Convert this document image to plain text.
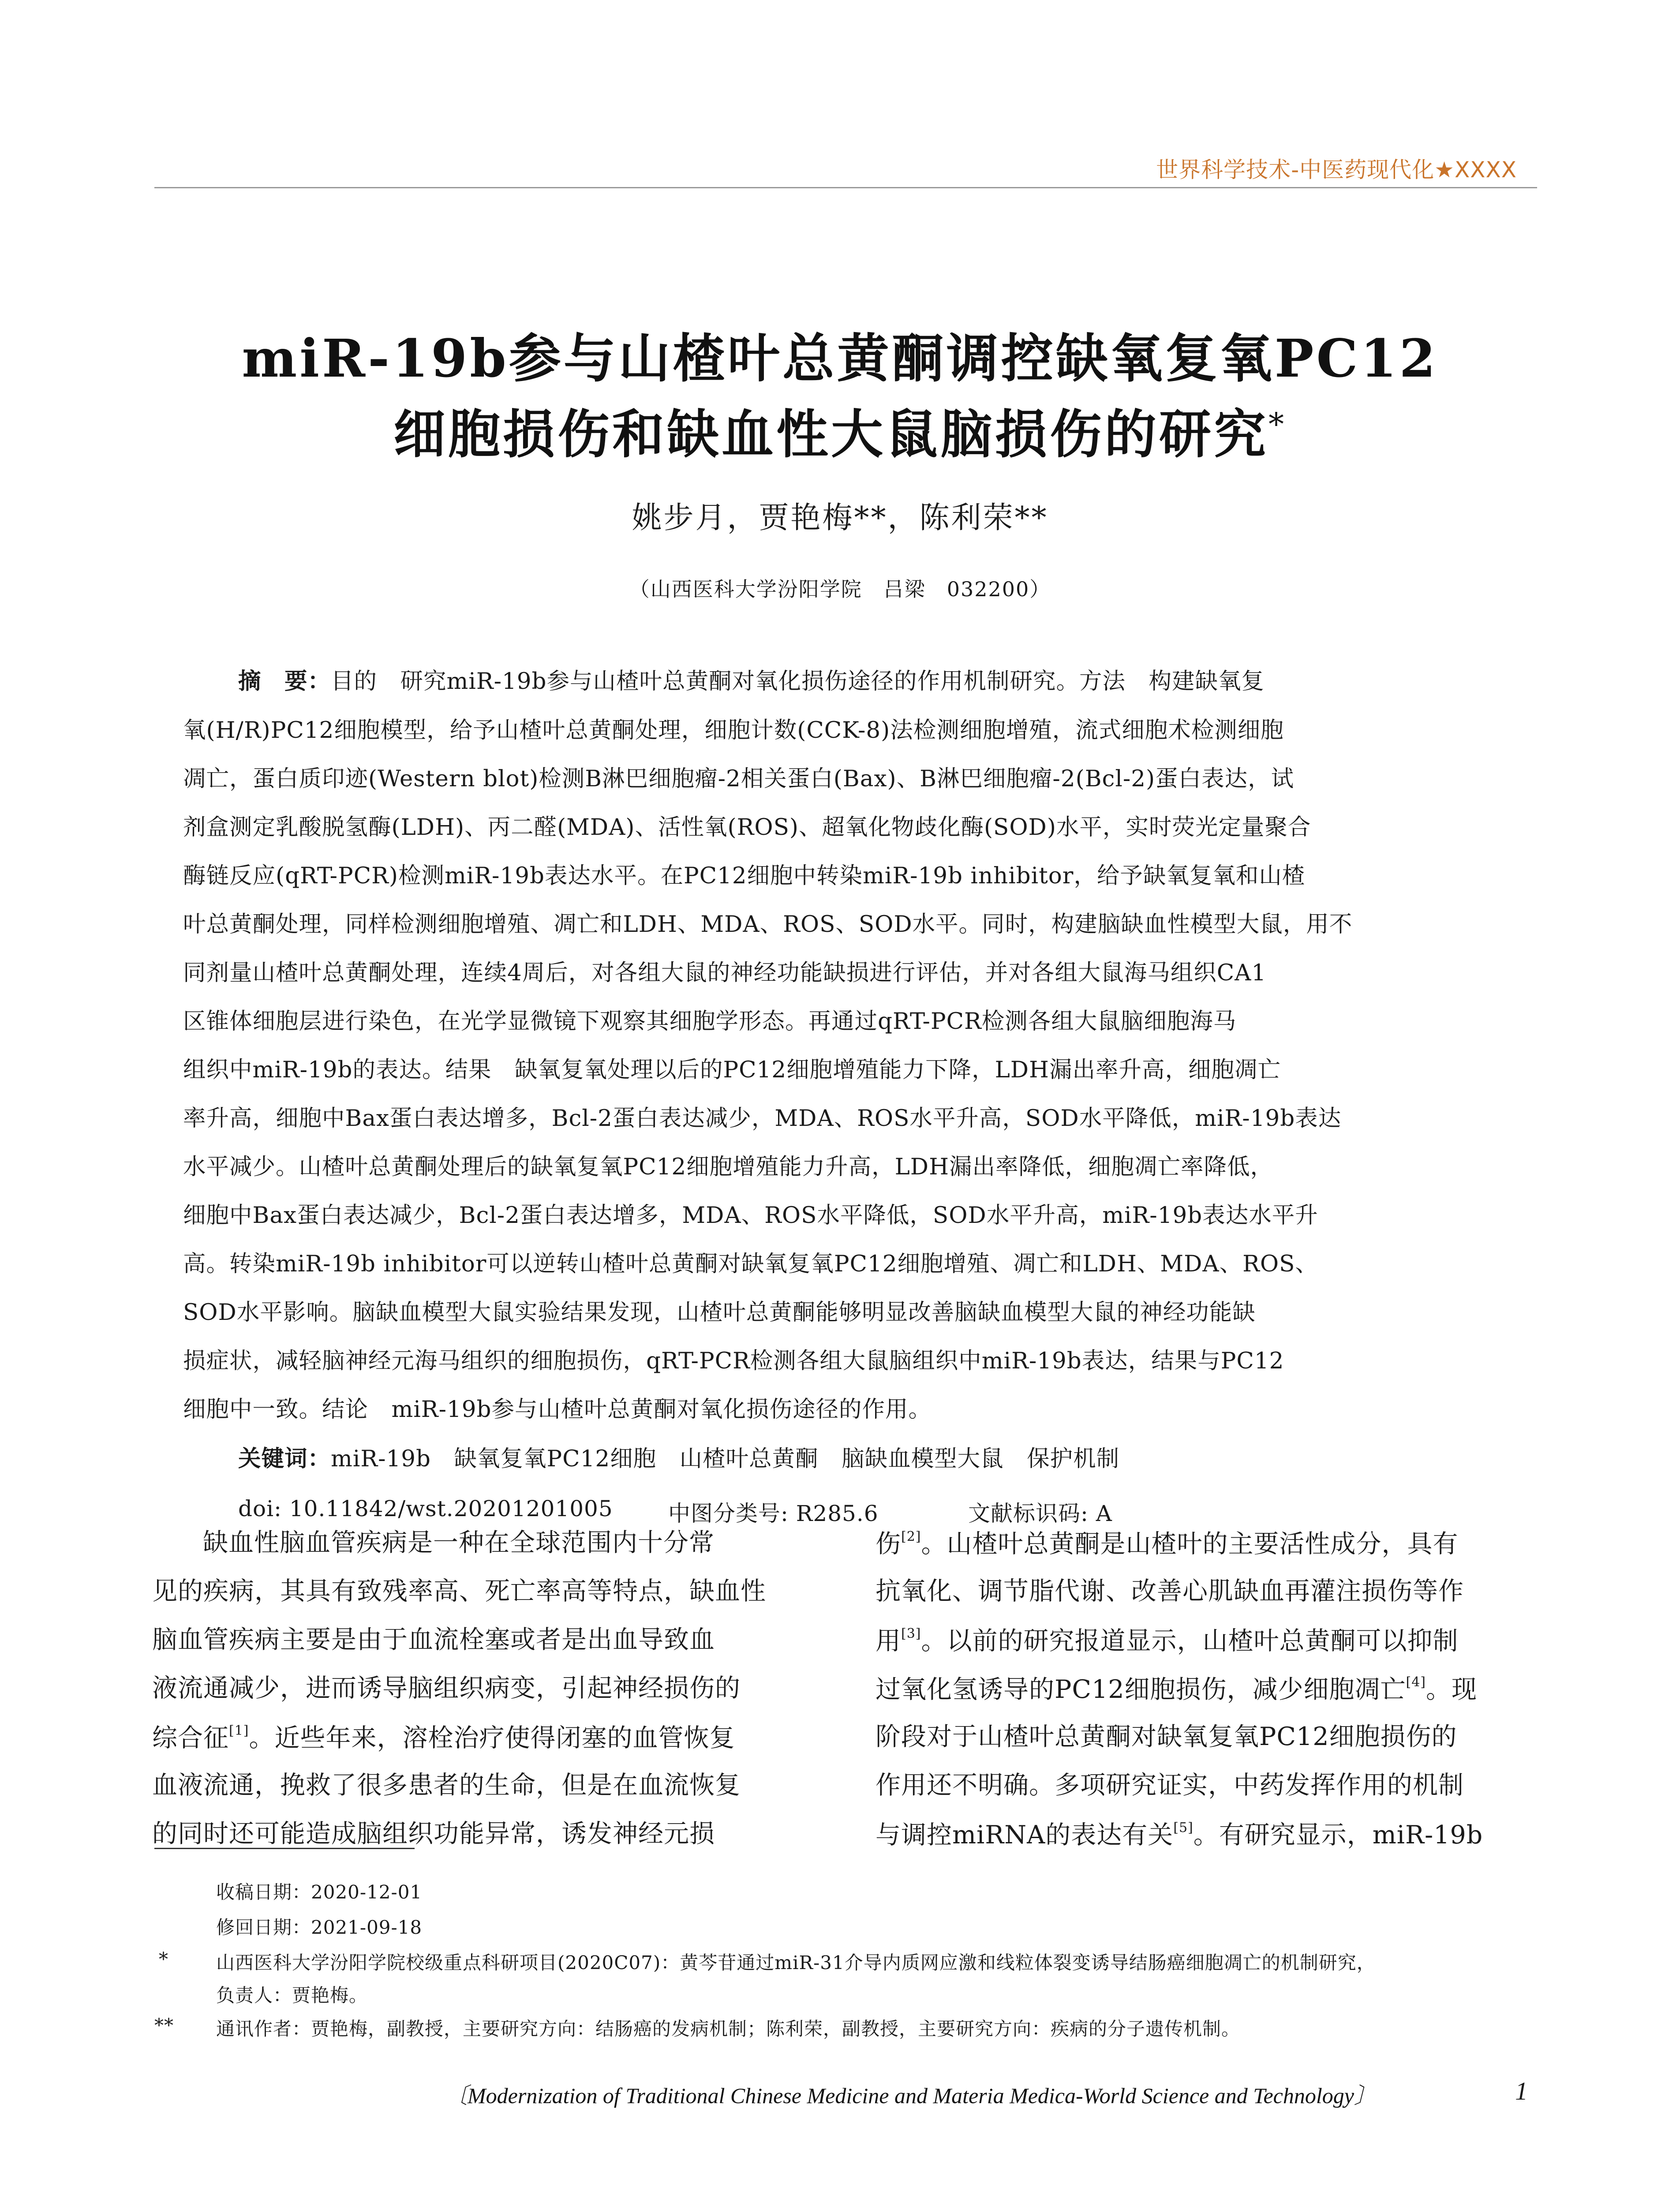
世界科学技术-中医药现代化★XXXX
miR-19b参与山楂叶总黄酮调控缺氧复氧PC12
细胞损伤和缺血性大鼠脑损伤的研究*
姚步月，贾艳梅**，陈利荣**
（山西医科大学汾阳学院　吕梁　032200）
摘　要：目的　研究miR-19b参与山楂叶总黄酮对氧化损伤途径的作用机制研究。方法　构建缺氧复
氧(H/R)PC12细胞模型，给予山楂叶总黄酮处理，细胞计数(CCK-8)法检测细胞增殖，流式细胞术检测细胞
凋亡，蛋白质印迹(Western blot)检测B淋巴细胞瘤-2相关蛋白(Bax)、B淋巴细胞瘤-2(Bcl-2)蛋白表达，试
剂盒测定乳酸脱氢酶(LDH)、丙二醛(MDA)、活性氧(ROS)、超氧化物歧化酶(SOD)水平，实时荧光定量聚合
酶链反应(qRT-PCR)检测miR-19b表达水平。在PC12细胞中转染miR-19b inhibitor，给予缺氧复氧和山楂
叶总黄酮处理，同样检测细胞增殖、凋亡和LDH、MDA、ROS、SOD水平。同时，构建脑缺血性模型大鼠，用不
同剂量山楂叶总黄酮处理，连续4周后，对各组大鼠的神经功能缺损进行评估，并对各组大鼠海马组织CA1
区锥体细胞层进行染色，在光学显微镜下观察其细胞学形态。再通过qRT-PCR检测各组大鼠脑细胞海马
组织中miR-19b的表达。结果　缺氧复氧处理以后的PC12细胞增殖能力下降，LDH漏出率升高，细胞凋亡
率升高，细胞中Bax蛋白表达增多，Bcl-2蛋白表达减少，MDA、ROS水平升高，SOD水平降低，miR-19b表达
水平减少。山楂叶总黄酮处理后的缺氧复氧PC12细胞增殖能力升高，LDH漏出率降低，细胞凋亡率降低，
细胞中Bax蛋白表达减少，Bcl-2蛋白表达增多，MDA、ROS水平降低，SOD水平升高，miR-19b表达水平升
高。转染miR-19b inhibitor可以逆转山楂叶总黄酮对缺氧复氧PC12细胞增殖、凋亡和LDH、MDA、ROS、
SOD水平影响。脑缺血模型大鼠实验结果发现，山楂叶总黄酮能够明显改善脑缺血模型大鼠的神经功能缺
损症状，减轻脑神经元海马组织的细胞损伤，qRT-PCR检测各组大鼠脑组织中miR-19b表达，结果与PC12
细胞中一致。结论　miR-19b参与山楂叶总黄酮对氧化损伤途径的作用。
关键词：miR-19b　缺氧复氧PC12细胞　山楂叶总黄酮　脑缺血模型大鼠　保护机制
doi: 10.11842/wst.20201201005	中图分类号: R285.6	文献标识码: A
缺血性脑血管疾病是一种在全球范围内十分常
见的疾病，其具有致残率高、死亡率高等特点，缺血性
脑血管疾病主要是由于血流栓塞或者是出血导致血
液流通减少，进而诱导脑组织病变，引起神经损伤的
综合征[1]。近些年来，溶栓治疗使得闭塞的血管恢复
血液流通，挽救了很多患者的生命，但是在血流恢复
的同时还可能造成脑组织功能异常，诱发神经元损
伤[2]。山楂叶总黄酮是山楂叶的主要活性成分，具有
抗氧化、调节脂代谢、改善心肌缺血再灌注损伤等作
用[3]。以前的研究报道显示，山楂叶总黄酮可以抑制
过氧化氢诱导的PC12细胞损伤，减少细胞凋亡[4]。现
阶段对于山楂叶总黄酮对缺氧复氧PC12细胞损伤的
作用还不明确。多项研究证实，中药发挥作用的机制
与调控miRNA的表达有关[5]。有研究显示，miR-19b
收稿日期：2020-12-01
修回日期：2021-09-18
*	山西医科大学汾阳学院校级重点科研项目(2020C07)：黄芩苷通过miR-31介导内质网应激和线粒体裂变诱导结肠癌细胞凋亡的机制研究，
负责人：贾艳梅。
** 通讯作者：贾艳梅，副教授，主要研究方向：结肠癌的发病机制；陈利荣，副教授，主要研究方向：疾病的分子遗传机制。
〔Modernization of Traditional Chinese Medicine and Materia Medica-World Science and Technology〕	1
